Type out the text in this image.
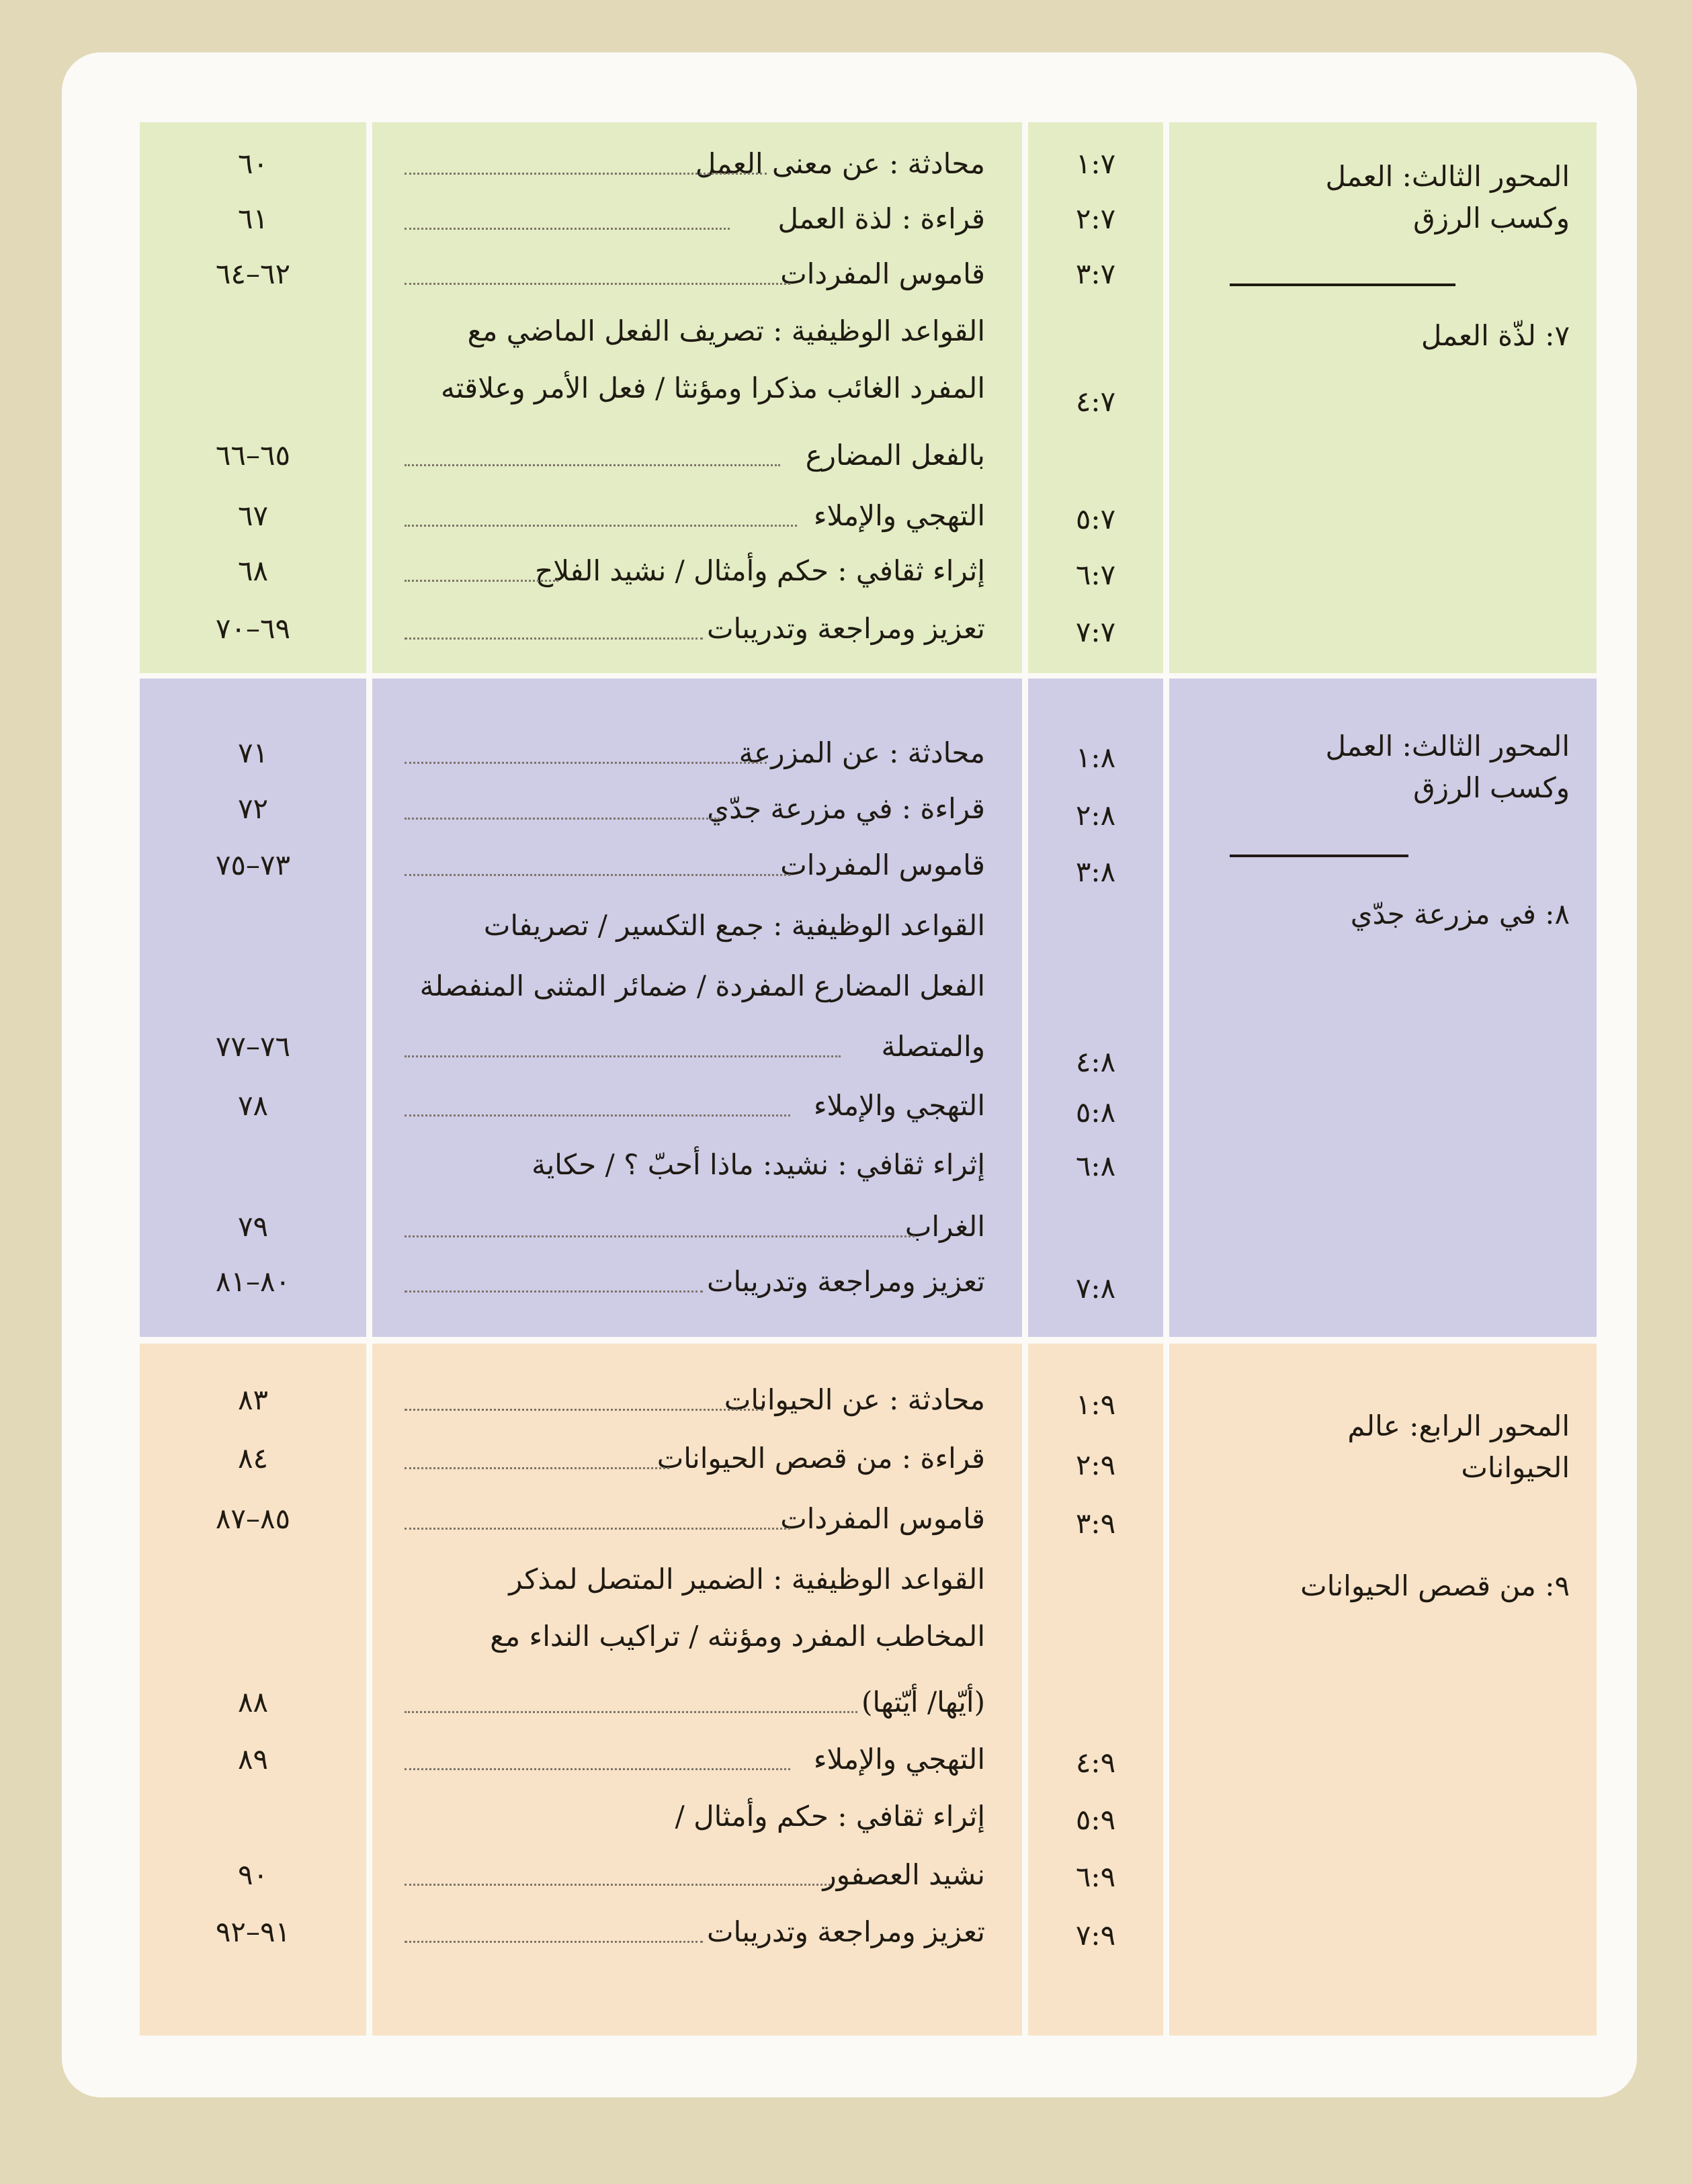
٦٠
٦١
٦٢–٦٤
٦٥–٦٦
٦٧
٦٨
٦٩–٧٠
محادثة : عن معنى العمل
قراءة : لذة العمل
قاموس المفردات
القواعد الوظيفية : تصريف الفعل الماضي مع
المفرد الغائب مذكرا ومؤنثا / فعل الأمر وعلاقته
بالفعل المضارع
التهجي والإملاء
إثراء ثقافي : حكم وأمثال / نشيد الفلاح
تعزيز ومراجعة وتدريبات
١:٧
٢:٧
٣:٧
٤:٧
٥:٧
٦:٧
٧:٧
المحور الثالث: العمل
وكسب الرزق
٧: لذّة العمل
٧١
٧٢
٧٣–٧٥
٧٦–٧٧
٧٨
٧٩
٨٠–٨١
محادثة : عن المزرعة
قراءة : في مزرعة جدّي
قاموس المفردات
القواعد الوظيفية : جمع التكسير / تصريفات
الفعل المضارع المفردة / ضمائر المثنى المنفصلة
والمتصلة
التهجي والإملاء
إثراء ثقافي : نشيد: ماذا أحبّ ؟ / حكاية
الغراب
تعزيز ومراجعة وتدريبات
١:٨
٢:٨
٣:٨
٤:٨
٥:٨
٦:٨
٧:٨
المحور الثالث: العمل
وكسب الرزق
٨: في مزرعة جدّي
٨٣
٨٤
٨٥–٨٧
٨٨
٨٩
٩٠
٩١–٩٢
محادثة : عن الحيوانات
قراءة : من قصص الحيوانات
قاموس المفردات
القواعد الوظيفية : الضمير المتصل لمذكر
المخاطب المفرد ومؤنثه / تراكيب النداء مع
(أيّها/ أيّتها)
التهجي والإملاء
إثراء ثقافي : حكم وأمثال /
نشيد العصفور
تعزيز ومراجعة وتدريبات
١:٩
٢:٩
٣:٩
٤:٩
٥:٩
٦:٩
٧:٩
المحور الرابع: عالم
الحيوانات
٩: من قصص الحيوانات
